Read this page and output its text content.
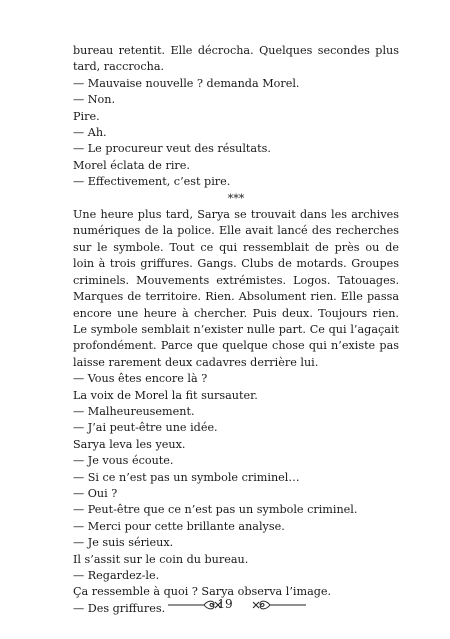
bureau retentit. Elle décrocha. Quelques secondes plus tard, raccrocha.

— Mauvaise nouvelle ? demanda Morel.

— Non.

Pire.

— Ah.

— Le procureur veut des résultats.

Morel éclata de rire.

— Effectivement, c’est pire.

***

Une heure plus tard, Sarya se trouvait dans les archives numériques de la police. Elle avait lancé des recherches sur le symbole. Tout ce qui ressemblait de près ou de loin à trois griffures. Gangs. Clubs de motards. Groupes criminels. Mouvements extrémistes. Logos. Tatouages. Marques de territoire. Rien. Absolument rien. Elle passa encore une heure à chercher. Puis deux. Toujours rien. Le symbole semblait n’exister nulle part. Ce qui l’agaçait profondément. Parce que quelque chose qui n’existe pas laisse rarement deux cadavres derrière lui.

— Vous êtes encore là ?

La voix de Morel la fit sursauter.

— Malheureusement.

— J’ai peut-être une idée.

Sarya leva les yeux.

— Je vous écoute.

— Si ce n’est pas un symbole criminel…

— Oui ?

— Peut-être que ce n’est pas un symbole criminel.

— Merci pour cette brillante analyse.

— Je suis sérieux.

Il s’assit sur le coin du bureau.

— Regardez-le.

Ça ressemble à quoi ? Sarya observa l’image.

— Des griffures.	19
